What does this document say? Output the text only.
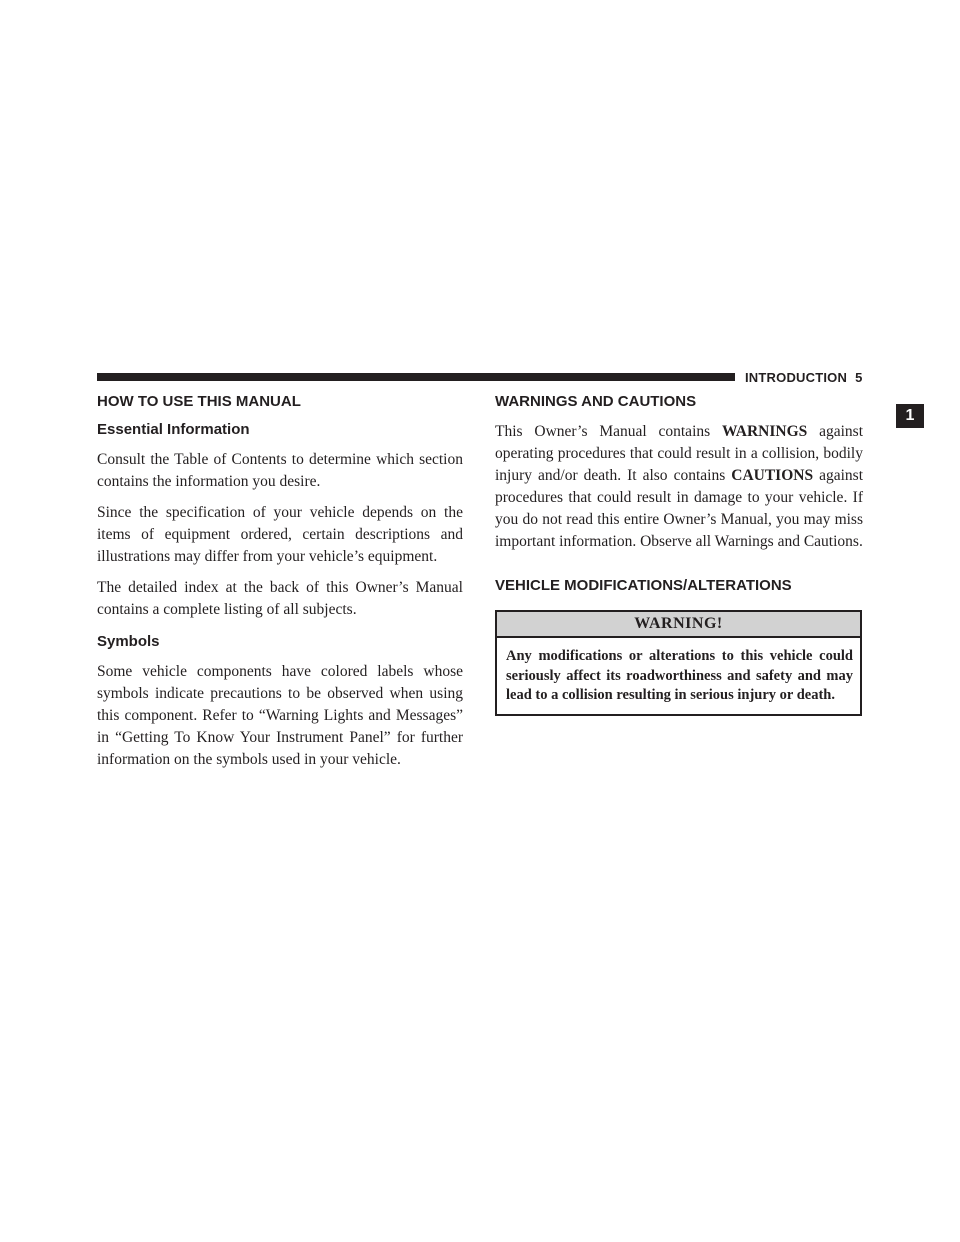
INTRODUCTION 5
1
HOW TO USE THIS MANUAL
Essential Information

Consult the Table of Contents to determine which section contains the information you desire.

Since the specification of your vehicle depends on the items of equipment ordered, certain descriptions and illustrations may differ from your vehicle’s equipment.

The detailed index at the back of this Owner’s Manual contains a complete listing of all subjects.

Symbols

Some vehicle components have colored labels whose symbols indicate precautions to be observed when using this component. Refer to “Warning Lights and Messages” in “Getting To Know Your Instrument Panel” for further information on the symbols used in your vehicle.

WARNINGS AND CAUTIONS

This Owner’s Manual contains WARNINGS against operating procedures that could result in a collision, bodily injury and/or death. It also contains CAUTIONS against procedures that could result in damage to your vehicle. If you do not read this entire Owner’s Manual, you may miss important information. Observe all Warnings and Cautions.

VEHICLE MODIFICATIONS/ALTERATIONS
WARNING!
Any modifications or alterations to this vehicle could seriously affect its roadworthiness and safety and may lead to a collision resulting in serious injury or death.
